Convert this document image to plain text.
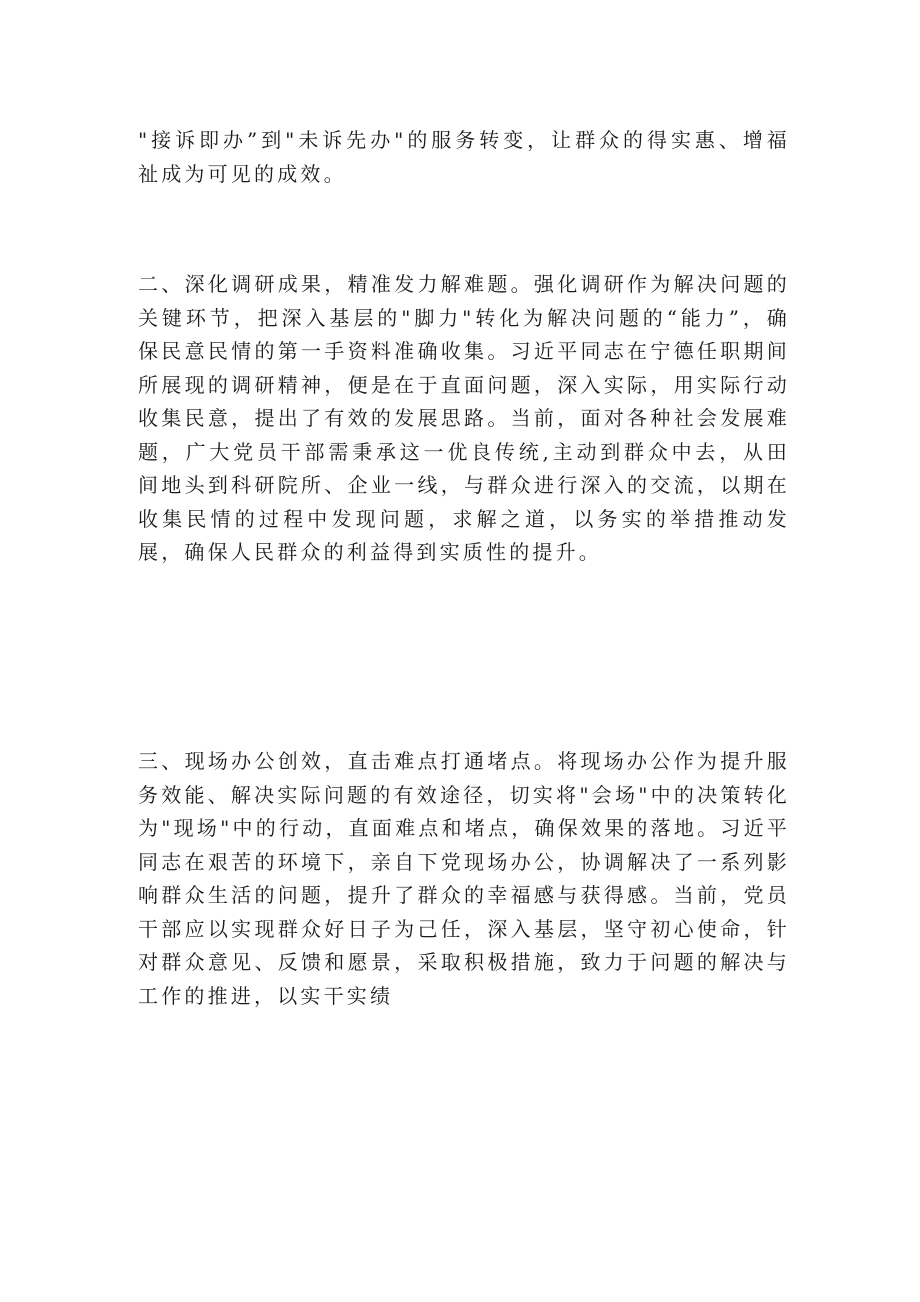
"接诉即办”到"未诉先办"的服务转变，让群众的得实惠、增福祉成为可见的成效。

二、深化调研成果，精准发力解难题。强化调研作为解决问题的关键环节，把深入基层的"脚力"转化为解决问题的“能力”，确保民意民情的第一手资料准确收集。习近平同志在宁德任职期间所展现的调研精神，便是在于直面问题，深入实际，用实际行动收集民意，提出了有效的发展思路。当前，面对各种社会发展难题，广大党员干部需秉承这一优良传统,主动到群众中去，从田间地头到科研院所、企业一线，与群众进行深入的交流，以期在收集民情的过程中发现问题，求解之道，以务实的举措推动发展，确保人民群众的利益得到实质性的提升。

三、现场办公创效，直击难点打通堵点。将现场办公作为提升服务效能、解决实际问题的有效途径，切实将"会场"中的决策转化为"现场"中的行动，直面难点和堵点，确保效果的落地。习近平同志在艰苦的环境下，亲自下党现场办公，协调解决了一系列影响群众生活的问题，提升了群众的幸福感与获得感。当前，党员干部应以实现群众好日子为己任，深入基层，坚守初心使命，针对群众意见、反馈和愿景，采取积极措施，致力于问题的解决与工作的推进，以实干实绩
